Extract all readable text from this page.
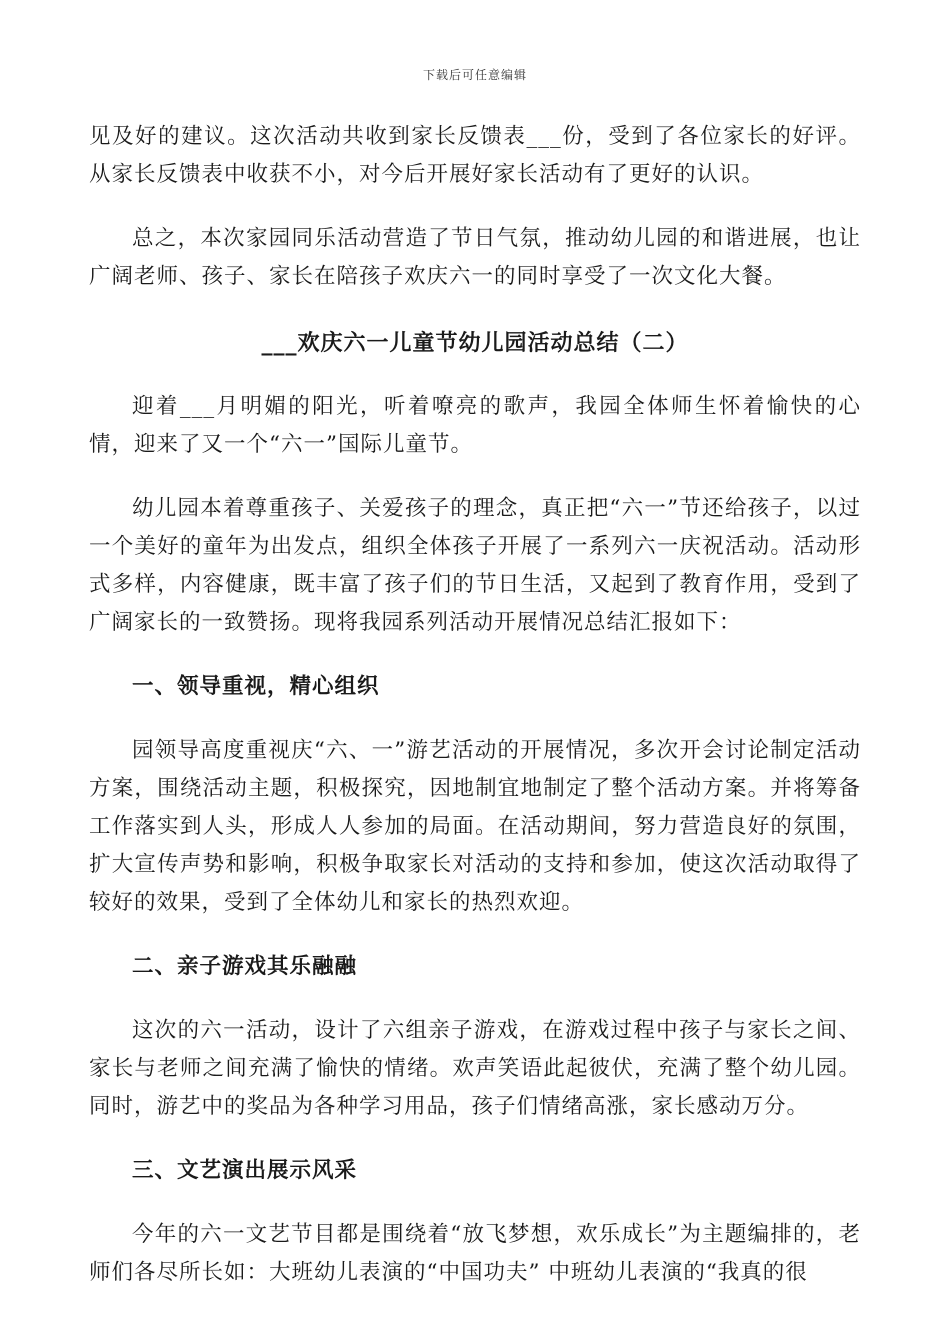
下载后可任意编辑

见及好的建议。这次活动共收到家长反馈表___份，受到了各位家长的好评。从家长反馈表中收获不小，对今后开展好家长活动有了更好的认识。

总之，本次家园同乐活动营造了节日气氛，推动幼儿园的和谐进展，也让广阔老师、孩子、家长在陪孩子欢庆六一的同时享受了一次文化大餐。

___欢庆六一儿童节幼儿园活动总结（二）

迎着___月明媚的阳光，听着嘹亮的歌声，我园全体师生怀着愉快的心情，迎来了又一个“六一”国际儿童节。

幼儿园本着尊重孩子、关爱孩子的理念，真正把“六一”节还给孩子，以过一个美好的童年为出发点，组织全体孩子开展了一系列六一庆祝活动。活动形式多样，内容健康，既丰富了孩子们的节日生活，又起到了教育作用，受到了广阔家长的一致赞扬。现将我园系列活动开展情况总结汇报如下：

一、领导重视，精心组织

园领导高度重视庆“六、一”游艺活动的开展情况，多次开会讨论制定活动方案，围绕活动主题，积极探究，因地制宜地制定了整个活动方案。并将筹备工作落实到人头，形成人人参加的局面。在活动期间，努力营造良好的氛围，扩大宣传声势和影响，积极争取家长对活动的支持和参加，使这次活动取得了较好的效果，受到了全体幼儿和家长的热烈欢迎。

二、亲子游戏其乐融融

这次的六一活动，设计了六组亲子游戏，在游戏过程中孩子与家长之间、家长与老师之间充满了愉快的情绪。欢声笑语此起彼伏，充满了整个幼儿园。同时，游艺中的奖品为各种学习用品，孩子们情绪高涨，家长感动万分。

三、文艺演出展示风采

今年的六一文艺节目都是围绕着“放飞梦想，欢乐成长”为主题编排的，老师们各尽所长如：大班幼儿表演的“中国功夫” 中班幼儿表演的“我真的很
